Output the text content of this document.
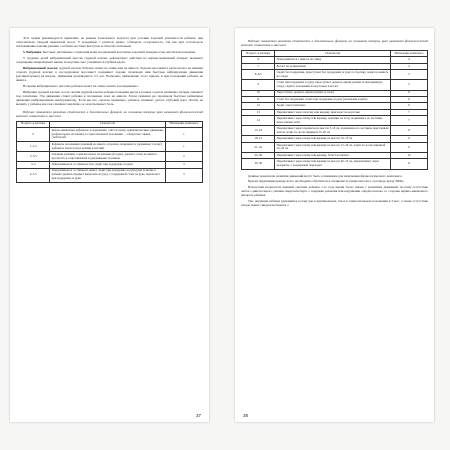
Этот прием рекомендуется применять не раньше 4-месячного возраста при условии хорошей упитанности ребенка, при относительно твердой мышечной массе. У младенцев с рахитом нужно соблюдать осторожность, так как при остеопорозе поглаживание ключиц ранним, особенно костных выступов и областях позвонков.

5. Вибрация. Быстрые, ритмичные сотрясения кожи и подкожной клетчатки ладонной поверхностью кисти или пальцами.

У грудных детей вибрационный массаж грудной клетки, рефлекторно действуя на нервно-мышечный аппарат, вызывает сокращение межреберных мышц, вследствие чего усиливается глубина вдоха.

Вибрационный массаж грудной клетки. Ребенок лежит на спине или на животе. Ладони массажиста располагают на нижних отделах грудной клетки; в последующем массажист поднимает ладони, производя ими быстрые вибрирующие движения (респираторные) на выдохе. Движения производятся 3-5 раз. Возможно применение этого приема и при положении ребенка на животе.

Во время вибрационного массажа ребенок может на спине лежать и попеременно.

Вибрация грудной клетки: после сжатия грудной клетки ребенка пальцами кисти в разных отделах ритмично пальцы смещают под лопатками. Эти движения ставят ребенка в положение лежа на животе. Затем сжимаем раз производя быстрые ритмичные движения (вибрационным инструментом). Если вы все сделали правильно, ребенок начинает делать глубокий вдох. Чтобы не вызвать у ребенка массаж слишком энергично, и он испытывает боль.

Ведущие показатели развития статических и двигательных функций, на основании которых врач назначает физиологический комплекс гимнастики и массажа

Возраст, в месяцах	Показатели	Назначение комплекса
0	Кожно-мышечные рефлексы: поддержание, ответ на кожу, ориентировочные движения, (рефлекторное ползание), в горизонтальном положении — гипертонус мышц сгибателей	1
1–2,5	Рефлексы положения (лежащий на животе, вторично поднимает и удерживает голову), рефлексы плача (опора руками и ногами)	1
3–3,5	Опорные реакции, горизонтальное положение (на руке), держит голову на животе, прочность и сопротивления и удерживание туловища	2
3–4	Поворачивается со спины на бок; сидит при поддержке за руки	3
4–5,5	Поворачивается со спины на живот, сидит при поддержке за руки (при попытке в ребенке держать предмет выпускать из рук), с поддержкой стоит на руке, перелезает при поддержке за руки	3
37

Ведущие показатели развития статических и двигательных функций, на основании которых врач назначает физиологический комплекс гимнастики и массажа

Возраст, в месяцах	Показатели	Назначение комплекса
6	Поворачивается с живота на спину	4
7	Встает на четвереньки	4
8–8,5	Сидит без поддержки, переступает без поддержки за руку по бортику, лежит на животе на опоре	5
9	Стоит при поддержке за руку, переступает, держась двумя руками за неподвижную опору, сидит в положении на корточках и встает	5
10	Переступает, держась двумя руками за опору	6
11	Стоит без поддержки, ходит при поддержке за руку (начальная ходьба)	6
12	Ходит самостоятельно	6
13	Перешагивает через палочку или веревку, приседает на корточки	7
14	Перешагивает через палку или веревку, лежащие на полу, поднимаясь по лестнице переставляет ноги	7
15–18	Перешагивает через предметы на высоте 5-10 см, поднимаясь по лестнице приставным шагом, ходит по доске шириной 15–20 см	8
18–21	Перешагивает через палку или веревку на высоте 10–15 см	9
21–24	Перешагивает через палку или веревку на высоте 15–20 см, ходит по доске шириной 15–20 см	9
24–30	Перешагивает через палку или веревку, бегает на пятках	10
30–36	Перешагивает через палку или веревку на высоте 20–25 см, перешагивает через предметы, с поддержкой переходит	11

Данные показатели развития движений могут быть основанием для назначения физиологического комплекса.

При их нарушении прежде всего необходимо обратиться к специалисту (невропатологу, ортопеду, врачу ЛФК).

Вследствие незрелости нервной системы ребенок 1-го года жизни тесно связан с развитием движений, поэтому отсутствие любого двигательного умения свидетельствует о задержке развития или нарушении «предпосылок» со стороны нервно-мышечного аппарата ребенка.

Так, неумение ребенка удерживать голову как в вертикальном, так и в горизонтальном положении в 3 мес, а также отсутствие опоры может свидетельствовать о

38
